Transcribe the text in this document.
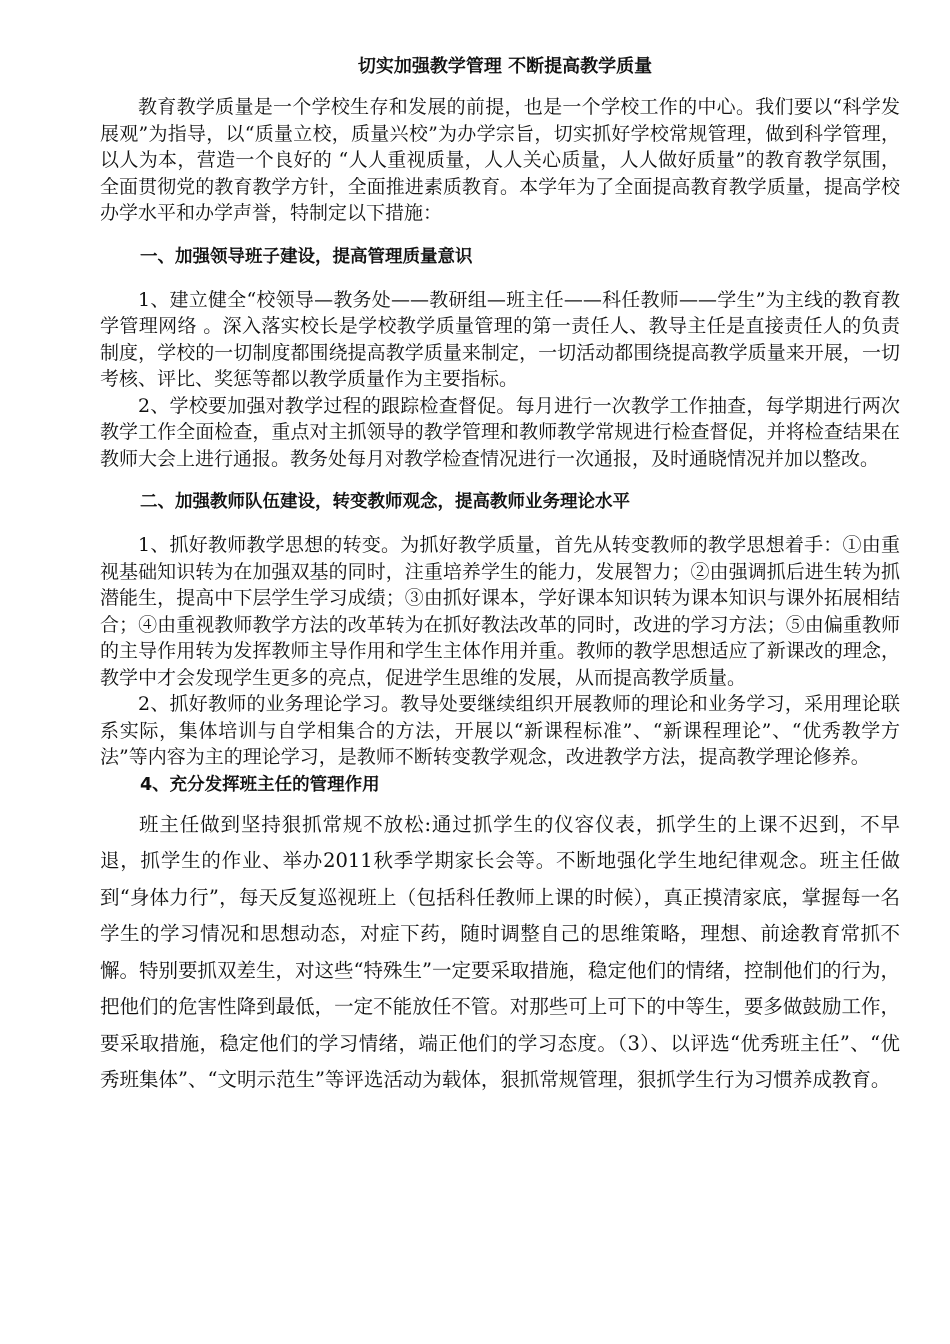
切实加强教学管理 不断提高教学质量

教育教学质量是一个学校生存和发展的前提，也是一个学校工作的中心。我们要以“科学发展观”为指导，以“质量立校，质量兴校”为办学宗旨，切实抓好学校常规管理，做到科学管理，以人为本，营造一个良好的 “人人重视质量，人人关心质量，人人做好质量”的教育教学氛围，全面贯彻党的教育教学方针，全面推进素质教育。本学年为了全面提高教育教学质量，提高学校办学水平和办学声誉，特制定以下措施：

一、加强领导班子建设，提高管理质量意识

1、建立健全“校领导—教务处——教研组—班主任——科任教师——学生”为主线的教育教学管理网络 。深入落实校长是学校教学质量管理的第一责任人、教导主任是直接责任人的负责制度，学校的一切制度都围绕提高教学质量来制定，一切活动都围绕提高教学质量来开展，一切考核、评比、奖惩等都以教学质量作为主要指标。

2、学校要加强对教学过程的跟踪检查督促。每月进行一次教学工作抽查，每学期进行两次教学工作全面检查，重点对主抓领导的教学管理和教师教学常规进行检查督促，并将检查结果在教师大会上进行通报。教务处每月对教学检查情况进行一次通报，及时通晓情况并加以整改。

二、加强教师队伍建设，转变教师观念，提高教师业务理论水平

1、抓好教师教学思想的转变。为抓好教学质量，首先从转变教师的教学思想着手：①由重视基础知识转为在加强双基的同时，注重培养学生的能力，发展智力；②由强调抓后进生转为抓潜能生，提高中下层学生学习成绩；③由抓好课本，学好课本知识转为课本知识与课外拓展相结合；④由重视教师教学方法的改革转为在抓好教法改革的同时，改进的学习方法；⑤由偏重教师的主导作用转为发挥教师主导作用和学生主体作用并重。教师的教学思想适应了新课改的理念，教学中才会发现学生更多的亮点，促进学生思维的发展，从而提高教学质量。

2、抓好教师的业务理论学习。教导处要继续组织开展教师的理论和业务学习，采用理论联系实际，集体培训与自学相集合的方法，开展以“新课程标准”、“新课程理论”、“优秀教学方法”等内容为主的理论学习，是教师不断转变教学观念，改进教学方法，提高教学理论修养。

4、充分发挥班主任的管理作用

班主任做到坚持狠抓常规不放松:通过抓学生的仪容仪表，抓学生的上课不迟到，不早退，抓学生的作业、举办2011秋季学期家长会等。不断地强化学生地纪律观念。班主任做到“身体力行”，每天反复巡视班上（包括科任教师上课的时候），真正摸清家底，掌握每一名学生的学习情况和思想动态，对症下药，随时调整自己的思维策略，理想、前途教育常抓不懈。特别要抓双差生，对这些“特殊生”一定要采取措施，稳定他们的情绪，控制他们的行为，把他们的危害性降到最低，一定不能放任不管。对那些可上可下的中等生，要多做鼓励工作，要采取措施，稳定他们的学习情绪，端正他们的学习态度。（3）、以评选“优秀班主任”、“优秀班集体”、“文明示范生”等评选活动为载体，狠抓常规管理，狠抓学生行为习惯养成教育。
